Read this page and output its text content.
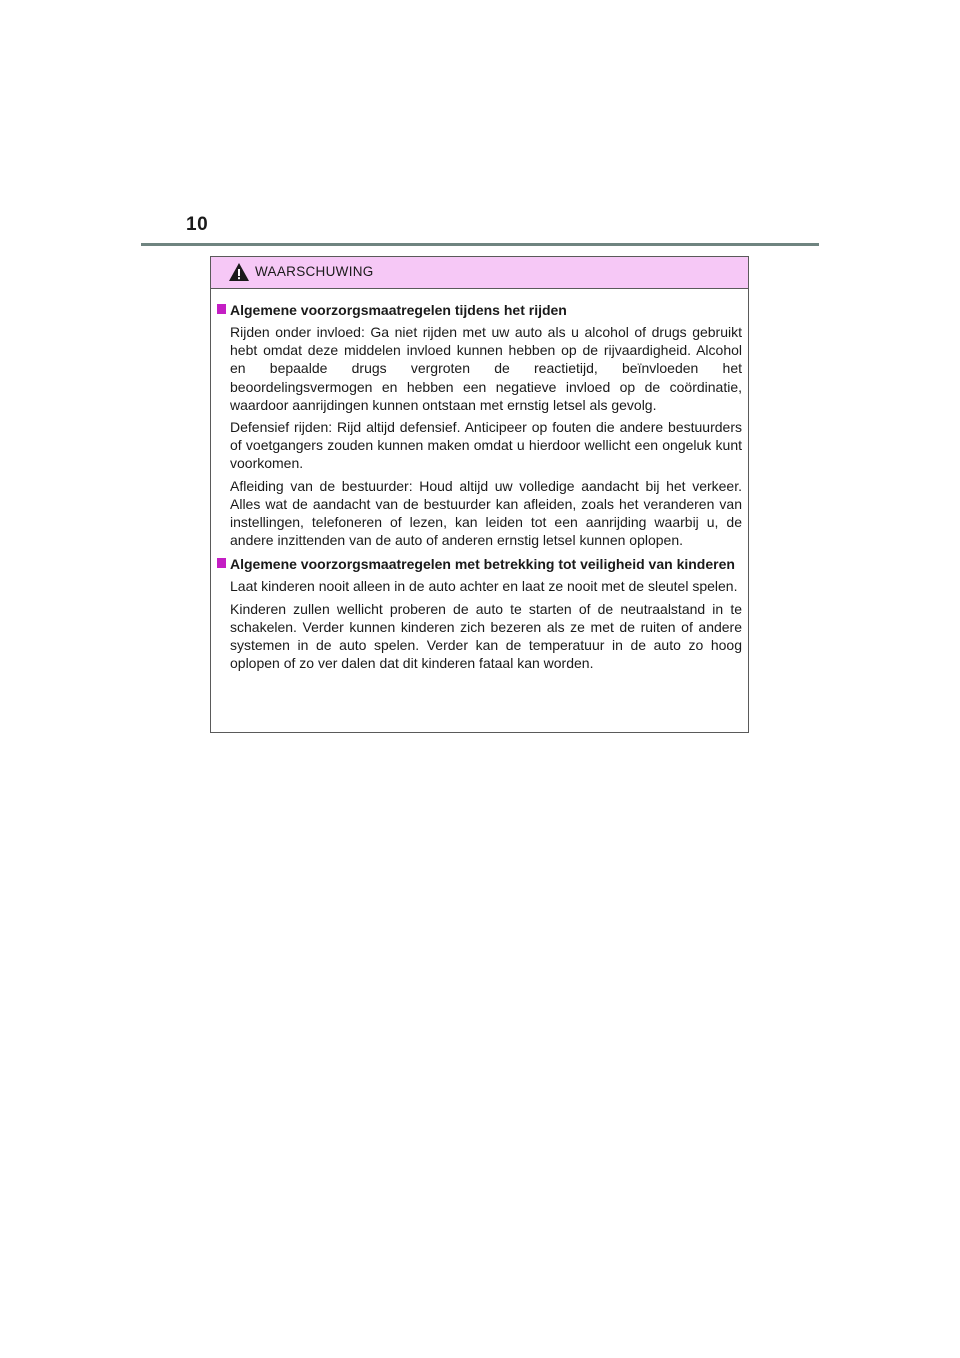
10
WAARSCHUWING
Algemene voorzorgsmaatregelen tijdens het rijden

Rijden onder invloed: Ga niet rijden met uw auto als u alcohol of drugs gebruikt hebt omdat deze middelen invloed kunnen hebben op de rijvaardigheid. Alcohol en bepaalde drugs vergroten de reactietijd, beïnvloeden het beoordelingsvermogen en hebben een negatieve invloed op de coördinatie, waardoor aanrijdingen kunnen ontstaan met ernstig letsel als gevolg.

Defensief rijden: Rijd altijd defensief. Anticipeer op fouten die andere bestuurders of voetgangers zouden kunnen maken omdat u hierdoor wellicht een ongeluk kunt voorkomen.

Afleiding van de bestuurder: Houd altijd uw volledige aandacht bij het verkeer. Alles wat de aandacht van de bestuurder kan afleiden, zoals het veranderen van instellingen, telefoneren of lezen, kan leiden tot een aanrijding waarbij u, de andere inzittenden van de auto of anderen ernstig letsel kunnen oplopen.

Algemene voorzorgsmaatregelen met betrekking tot veiligheid van kinderen

Laat kinderen nooit alleen in de auto achter en laat ze nooit met de sleutel spelen.

Kinderen zullen wellicht proberen de auto te starten of de neutraalstand in te schakelen. Verder kunnen kinderen zich bezeren als ze met de ruiten of andere systemen in de auto spelen. Verder kan de temperatuur in de auto zo hoog oplopen of zo ver dalen dat dit kinderen fataal kan worden.
